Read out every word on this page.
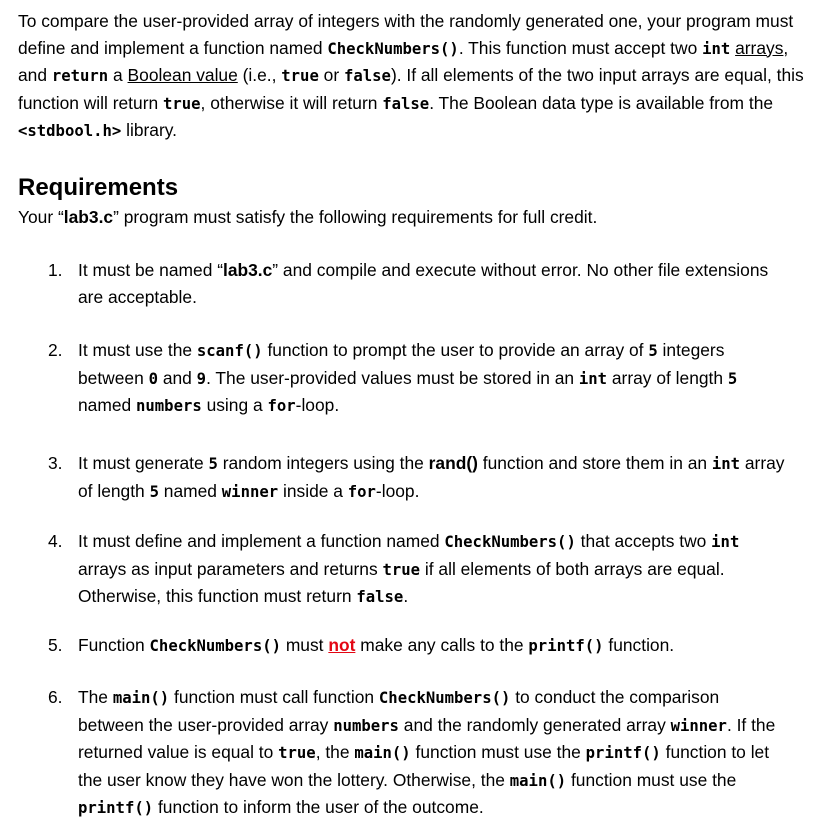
To compare the user-provided array of integers with the randomly generated one, your program must define and implement a function named CheckNumbers(). This function must accept two int arrays, and return a Boolean value (i.e., true or false). If all elements of the two input arrays are equal, this function will return true, otherwise it will return false. The Boolean data type is available from the <stdbool.h> library.

Requirements

Your “lab3.c” program must satisfy the following requirements for full credit.

1. It must be named “lab3.c” and compile and execute without error. No other file extensions are acceptable.
2. It must use the scanf() function to prompt the user to provide an array of 5 integers between 0 and 9. The user-provided values must be stored in an int array of length 5 named numbers using a for-loop.
3. It must generate 5 random integers using the rand() function and store them in an int array of length 5 named winner inside a for-loop.
4. It must define and implement a function named CheckNumbers() that accepts two int arrays as input parameters and returns true if all elements of both arrays are equal. Otherwise, this function must return false.
5. Function CheckNumbers() must not make any calls to the printf() function.
6. The main() function must call function CheckNumbers() to conduct the comparison between the user-provided array numbers and the randomly generated array winner. If the returned value is equal to true, the main() function must use the printf() function to let the user know they have won the lottery. Otherwise, the main() function must use the printf() function to inform the user of the outcome.
